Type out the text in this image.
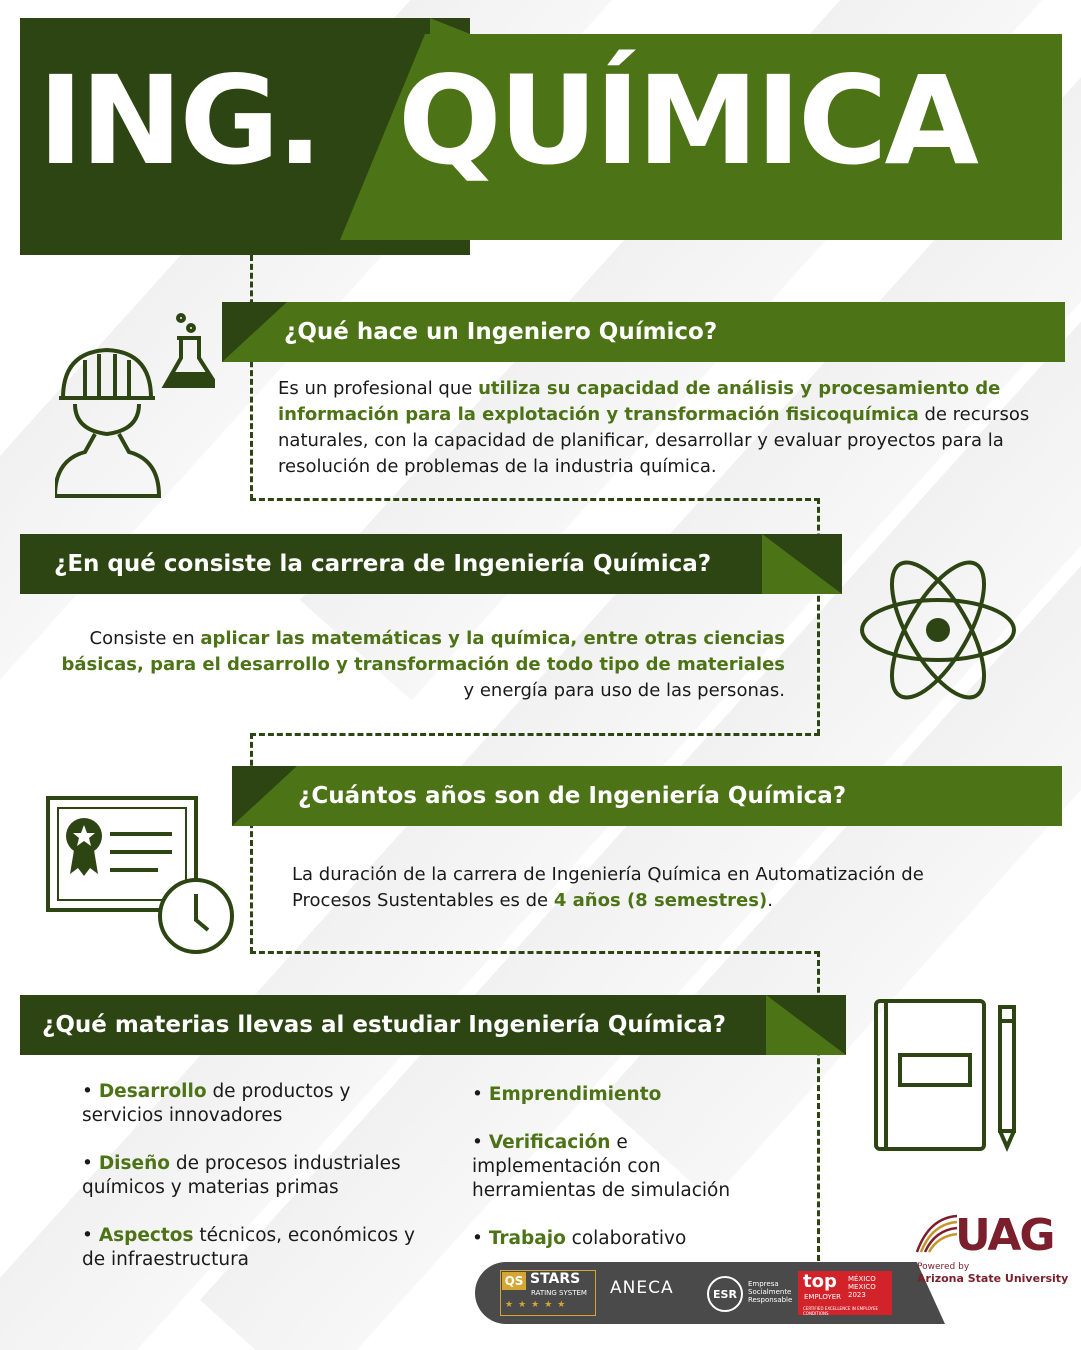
ING. QUÍMICA
¿Qué hace un Ingeniero Químico?
Es un profesional que utiliza su capacidad de análisis y procesamiento de información para la explotación y transformación fisicoquímica de recursos naturales, con la capacidad de planificar, desarrollar y evaluar proyectos para la resolución de problemas de la industria química.
¿En qué consiste la carrera de Ingeniería Química?
Consiste en aplicar las matemáticas y la química, entre otras ciencias básicas, para el desarrollo y transformación de todo tipo de materiales y energía para uso de las personas.
¿Cuántos años son de Ingeniería Química?
La duración de la carrera de Ingeniería Química en Automatización de Procesos Sustentables es de 4 años (8 semestres).
¿Qué materias llevas al estudiar Ingeniería Química?
• Desarrollo de productos y servicios innovadores
• Diseño de procesos industriales químicos y materias primas
• Aspectos técnicos, económicos y de infraestructura
• Emprendimiento
• Verificación e implementación con herramientas de simulación
• Trabajo colaborativo
QS STARS
RATING SYSTEM
★★★★★
ANECA	ESR
Empresa Socialmente Responsable
top
EMPLOYER
MÉXICO MEXICO 2023
CERTIFIED EXCELLENCE IN EMPLOYEE CONDITIONS
UAG
Powered by
Arizona State University
